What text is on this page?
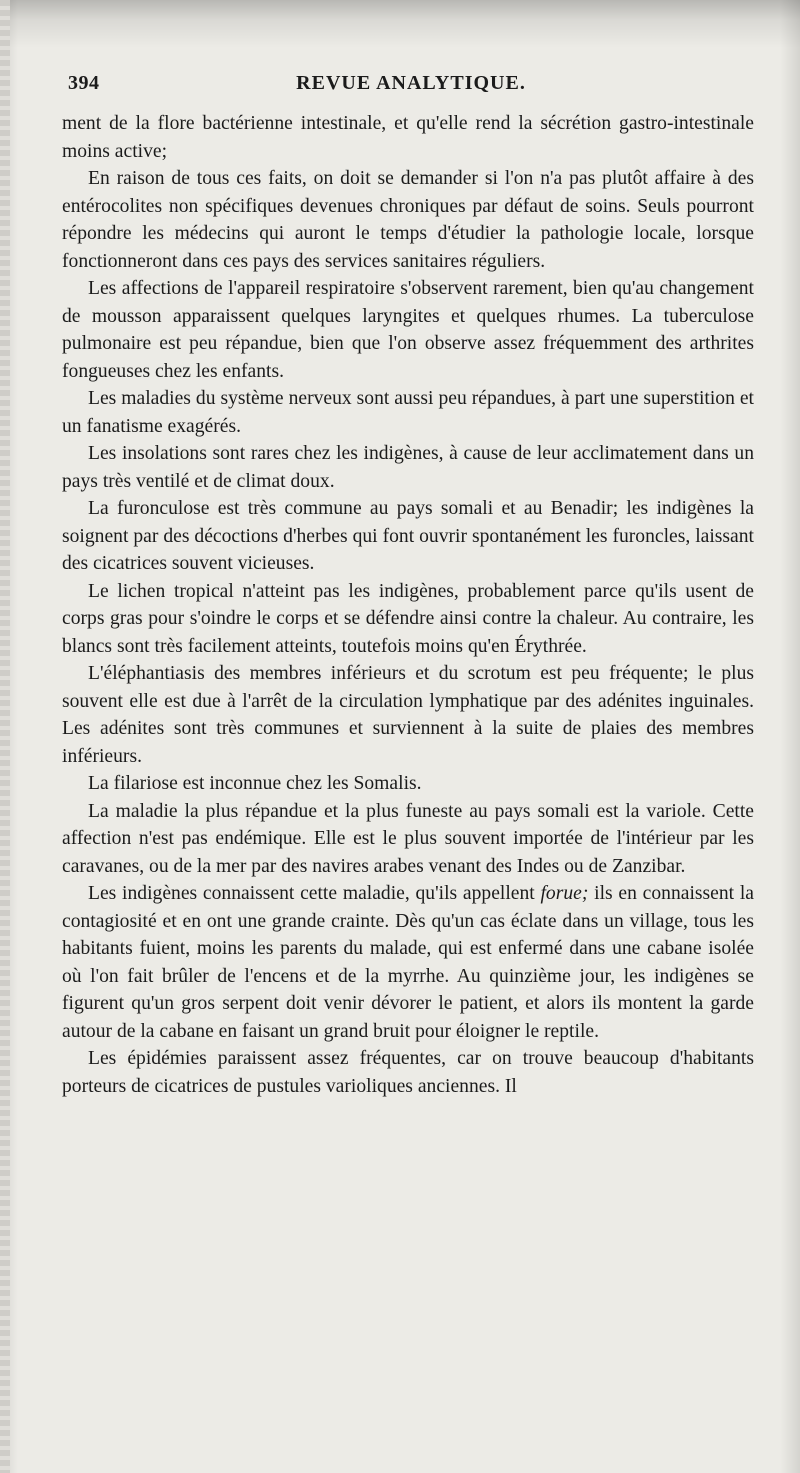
394	REVUE ANALYTIQUE.

ment de la flore bactérienne intestinale, et qu'elle rend la sécrétion gastro-intestinale moins active;

En raison de tous ces faits, on doit se demander si l'on n'a pas plutôt affaire à des entérocolites non spécifiques devenues chroniques par défaut de soins. Seuls pourront répondre les médecins qui auront le temps d'étudier la pathologie locale, lorsque fonctionneront dans ces pays des services sanitaires réguliers.

Les affections de l'appareil respiratoire s'observent rarement, bien qu'au changement de mousson apparaissent quelques laryngites et quelques rhumes. La tuberculose pulmonaire est peu répandue, bien que l'on observe assez fréquemment des arthrites fongueuses chez les enfants.

Les maladies du système nerveux sont aussi peu répandues, à part une superstition et un fanatisme exagérés.

Les insolations sont rares chez les indigènes, à cause de leur acclimatement dans un pays très ventilé et de climat doux.

La furonculose est très commune au pays somali et au Benadir; les indigènes la soignent par des décoctions d'herbes qui font ouvrir spontanément les furoncles, laissant des cicatrices souvent vicieuses.

Le lichen tropical n'atteint pas les indigènes, probablement parce qu'ils usent de corps gras pour s'oindre le corps et se défendre ainsi contre la chaleur. Au contraire, les blancs sont très facilement atteints, toutefois moins qu'en Érythrée.

L'éléphantiasis des membres inférieurs et du scrotum est peu fréquente; le plus souvent elle est due à l'arrêt de la circulation lymphatique par des adénites inguinales. Les adénites sont très communes et surviennent à la suite de plaies des membres inférieurs.

La filariose est inconnue chez les Somalis.

La maladie la plus répandue et la plus funeste au pays somali est la variole. Cette affection n'est pas endémique. Elle est le plus souvent importée de l'intérieur par les caravanes, ou de la mer par des navires arabes venant des Indes ou de Zanzibar.

Les indigènes connaissent cette maladie, qu'ils appellent forue; ils en connaissent la contagiosité et en ont une grande crainte. Dès qu'un cas éclate dans un village, tous les habitants fuient, moins les parents du malade, qui est enfermé dans une cabane isolée où l'on fait brûler de l'encens et de la myrrhe. Au quinzième jour, les indigènes se figurent qu'un gros serpent doit venir dévorer le patient, et alors ils montent la garde autour de la cabane en faisant un grand bruit pour éloigner le reptile.

Les épidémies paraissent assez fréquentes, car on trouve beaucoup d'habitants porteurs de cicatrices de pustules varioliques anciennes. Il
